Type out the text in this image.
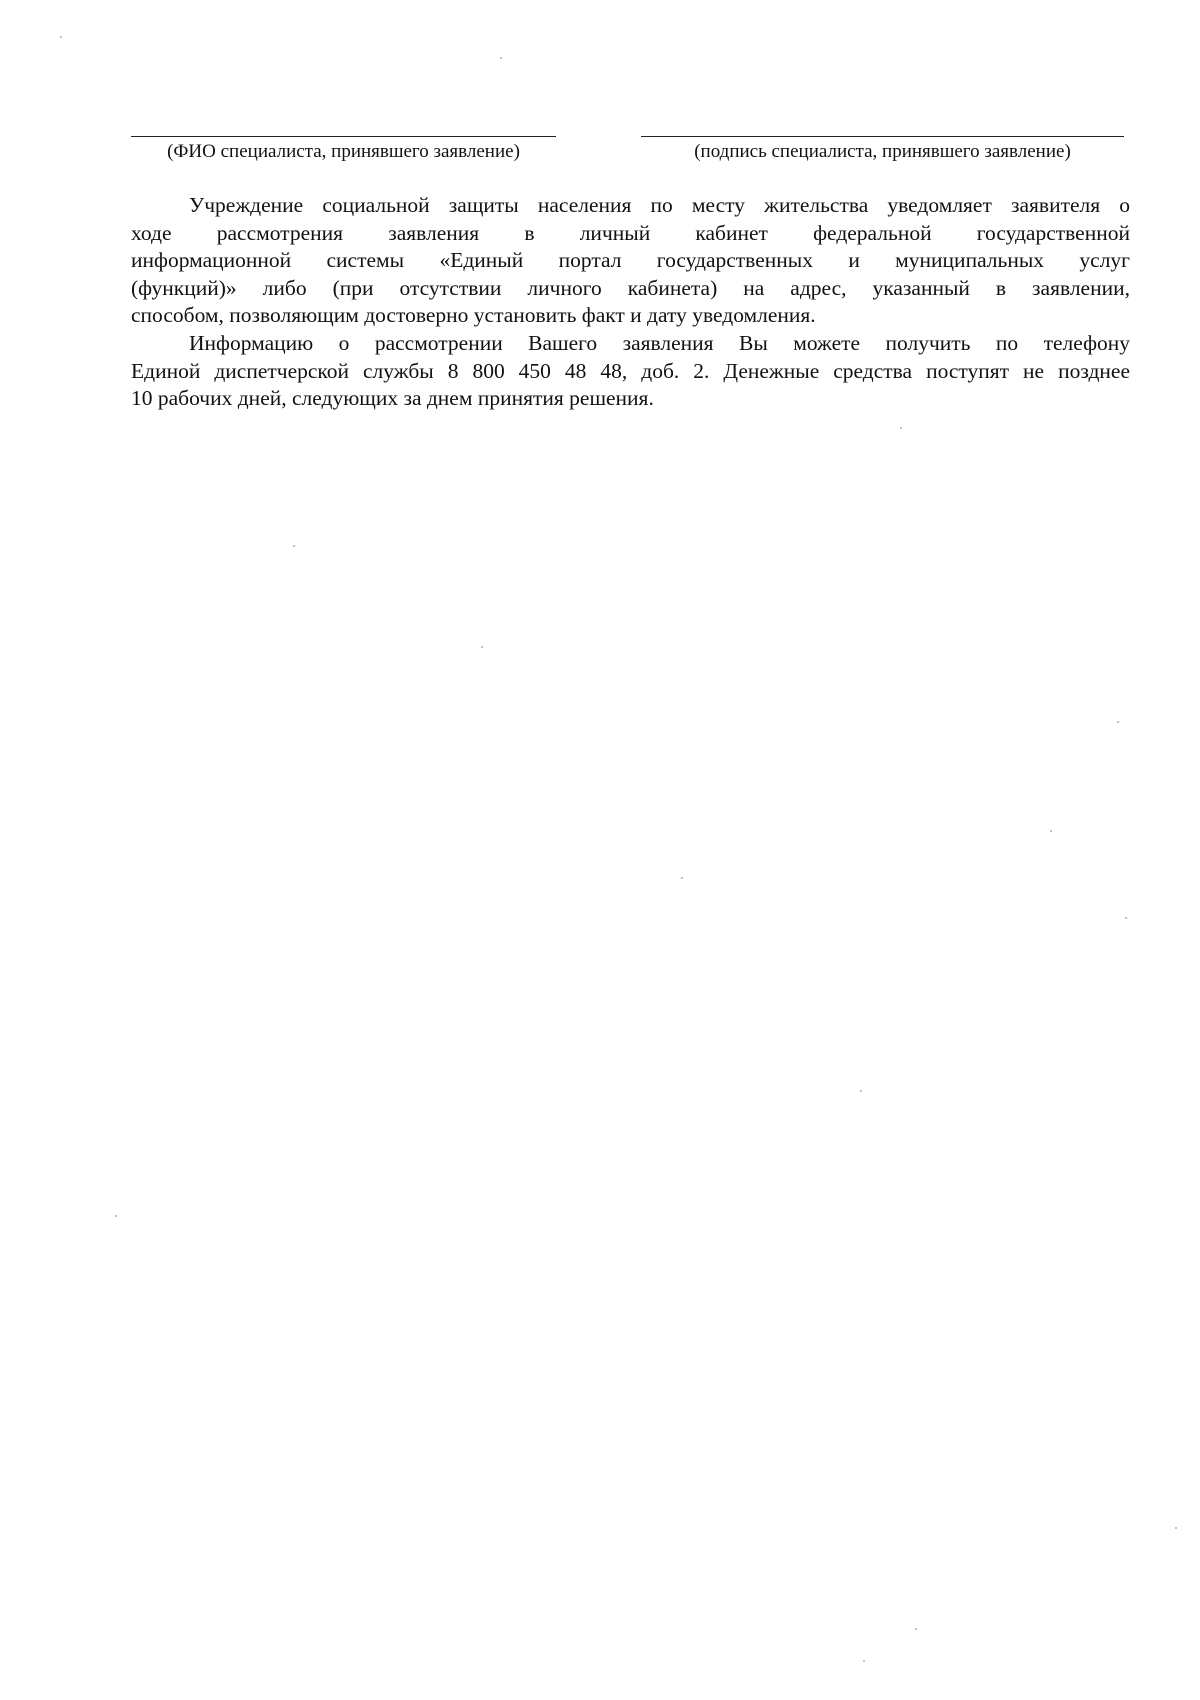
(ФИО специалиста, принявшего заявление)	(подпись специалиста, принявшего заявление)

Учреждение социальной защиты населения по месту жительства уведомляет заявителя о
ходе рассмотрения заявления в личный кабинет федеральной государственной
информационной системы «Единый портал государственных и муниципальных услуг
(функций)» либо (при отсутствии личного кабинета) на адрес, указанный в заявлении,
способом, позволяющим достоверно установить факт и дату уведомления.

Информацию о рассмотрении Вашего заявления Вы можете получить по телефону
Единой диспетчерской службы 8 800 450 48 48, доб. 2. Денежные средства поступят не позднее
10 рабочих дней, следующих за днем принятия решения.
